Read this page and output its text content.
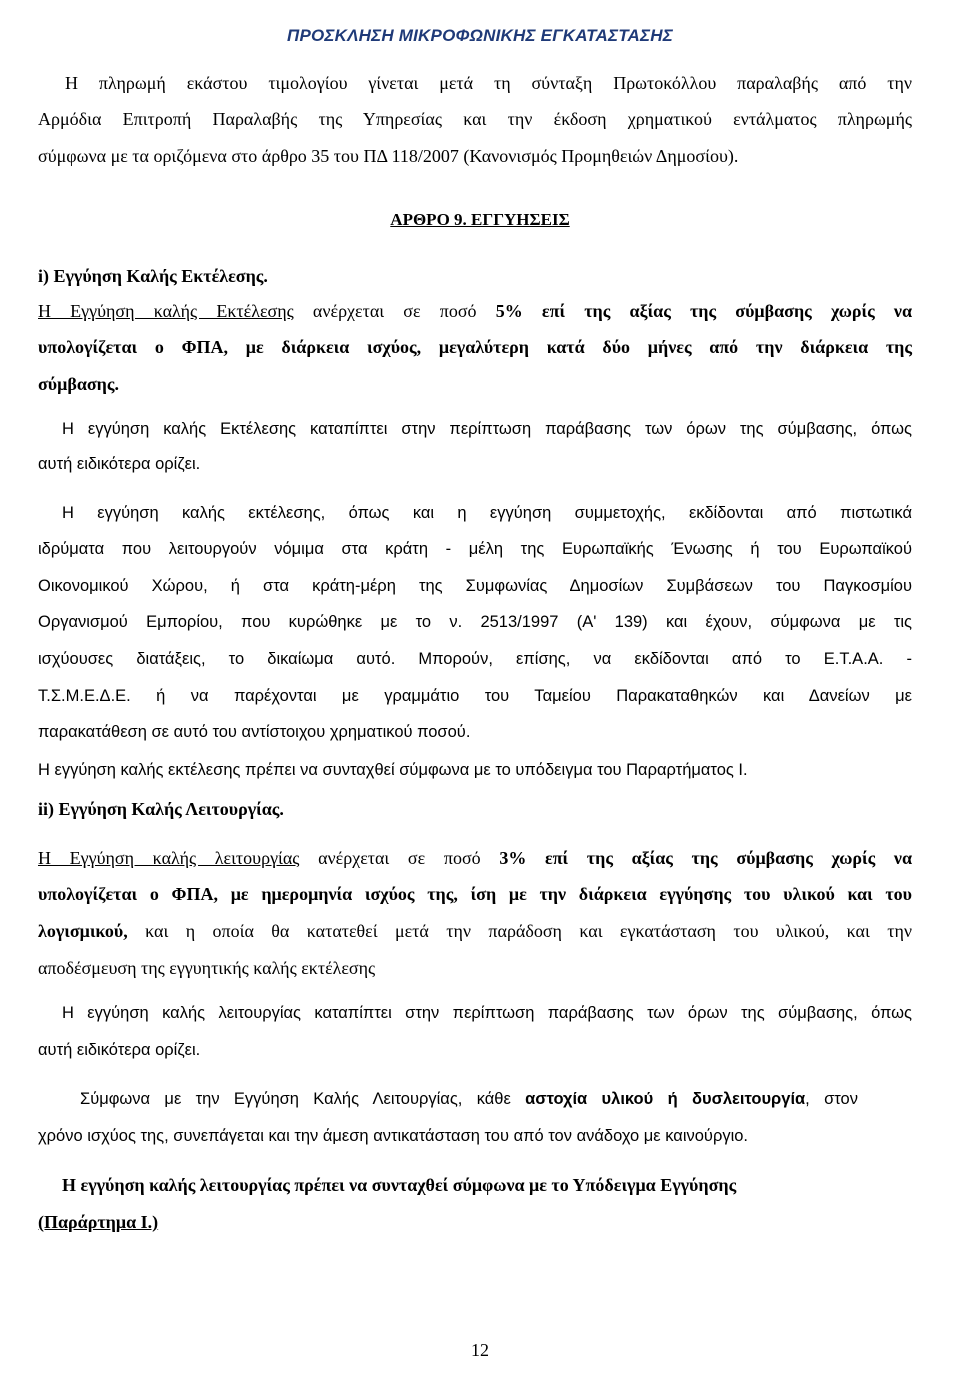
ΠΡΟΣΚΛΗΣΗ ΜΙΚΡΟΦΩΝΙΚΗΣ ΕΓΚΑΤΑΣΤΑΣΗΣ

Η πληρωμή εκάστου τιμολογίου γίνεται μετά τη σύνταξη Πρωτοκόλλου παραλαβής από την

Αρμόδια Επιτροπή Παραλαβής της Υπηρεσίας και την έκδοση χρηματικού εντάλματος πληρωμής

σύμφωνα με τα οριζόμενα στο άρθρο 35 του ΠΔ 118/2007 (Κανονισμός Προμηθειών Δημοσίου).

ΑΡΘΡΟ 9. ΕΓΓΥΗΣΕΙΣ

i) Εγγύηση Καλής Εκτέλεσης.

Η Εγγύηση καλής Εκτέλεσης ανέρχεται σε ποσό 5% επί της αξίας της σύμβασης χωρίς να

υπολογίζεται ο ΦΠΑ, με διάρκεια ισχύος, μεγαλύτερη κατά δύο μήνες από την διάρκεια της

σύμβασης.

Η εγγύηση καλής Εκτέλεσης καταπίπτει στην περίπτωση παράβασης των όρων της σύμβασης, όπως

αυτή ειδικότερα ορίζει.

Η εγγύηση καλής εκτέλεσης, όπως και η εγγύηση συμμετοχής, εκδίδονται από πιστωτικά

ιδρύματα που λειτουργούν νόμιμα στα κράτη - μέλη της Ευρωπαϊκής Ένωσης ή του Ευρωπαϊκού

Οικονομικού Χώρου, ή στα κράτη-μέρη της Συμφωνίας Δημοσίων Συμβάσεων του Παγκοσμίου

Οργανισμού Εμπορίου, που κυρώθηκε με το ν. 2513/1997 (Α' 139) και έχουν, σύμφωνα με τις

ισχύουσες διατάξεις, το δικαίωμα αυτό. Μπορούν, επίσης, να εκδίδονται από το Ε.Τ.Α.Α. -

Τ.Σ.Μ.Ε.Δ.Ε. ή να παρέχονται με γραμμάτιο του Ταμείου Παρακαταθηκών και Δανείων με

παρακατάθεση σε αυτό του αντίστοιχου χρηματικού ποσού.

Η εγγύηση καλής εκτέλεσης πρέπει να συνταχθεί σύμφωνα με το υπόδειγμα του Παραρτήματος Ι.

ii) Εγγύηση Καλής Λειτουργίας.

Η Εγγύηση καλής λειτουργίας ανέρχεται σε ποσό 3% επί της αξίας της σύμβασης χωρίς να

υπολογίζεται ο ΦΠΑ, με ημερομηνία ισχύος της, ίση με την διάρκεια εγγύησης του υλικού και του

λογισμικού, και η οποία θα κατατεθεί μετά την παράδοση και εγκατάσταση του υλικού, και την

αποδέσμευση της εγγυητικής καλής εκτέλεσης

Η εγγύηση καλής λειτουργίας καταπίπτει στην περίπτωση παράβασης των όρων της σύμβασης, όπως

αυτή ειδικότερα ορίζει.

Σύμφωνα με την Εγγύηση Καλής Λειτουργίας, κάθε αστοχία υλικού ή δυσλειτουργία, στον

χρόνο ισχύος της, συνεπάγεται και την άμεση αντικατάσταση του από τον ανάδοχο με καινούργιο.

Η εγγύηση καλής λειτουργίας πρέπει να συνταχθεί σύμφωνα με το Υπόδειγμα Εγγύησης

(Παράρτημα Ι.)

12
